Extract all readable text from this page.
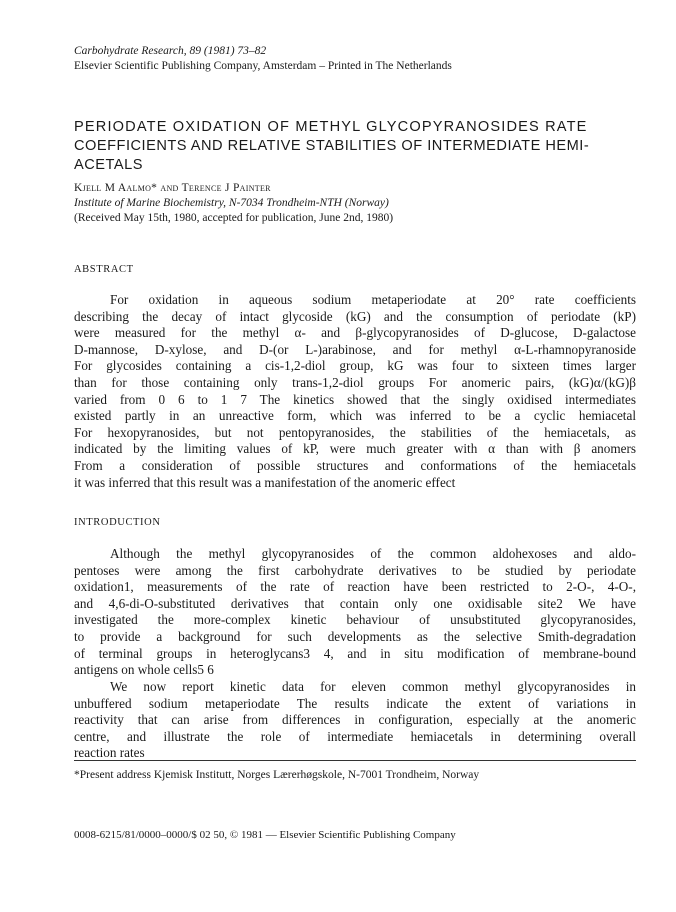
Carbohydrate Research, 89 (1981) 73–82
Elsevier Scientific Publishing Company, Amsterdam – Printed in The Netherlands
PERIODATE OXIDATION OF METHYL GLYCOPYRANOSIDES RATE
COEFFICIENTS AND RELATIVE STABILITIES OF INTERMEDIATE HEMI-
ACETALS
Kjell M Aalmo* and Terence J Painter
Institute of Marine Biochemistry, N-7034 Trondheim-NTH (Norway)
(Received May 15th, 1980, accepted for publication, June 2nd, 1980)
ABSTRACT
For oxidation in aqueous sodium metaperiodate at 20° rate coefficients
describing the decay of intact glycoside (kG) and the consumption of periodate (kP)
were measured for the methyl α- and β-glycopyranosides of D-glucose, D-galactose
D-mannose, D-xylose, and D-(or L-)arabinose, and for methyl α-L-rhamnopyranoside
For glycosides containing a cis-1,2-diol group, kG was four to sixteen times larger
than for those containing only trans-1,2-diol groups For anomeric pairs, (kG)α/(kG)β
varied from 0 6 to 1 7 The kinetics showed that the singly oxidised intermediates
existed partly in an unreactive form, which was inferred to be a cyclic hemiacetal
For hexopyranosides, but not pentopyranosides, the stabilities of the hemiacetals, as
indicated by the limiting values of kP, were much greater with α than with β anomers
From a consideration of possible structures and conformations of the hemiacetals
it was inferred that this result was a manifestation of the anomeric effect
INTRODUCTION
Although the methyl glycopyranosides of the common aldohexoses and aldo-
pentoses were among the first carbohydrate derivatives to be studied by periodate
oxidation1, measurements of the rate of reaction have been restricted to 2-O-, 4-O-,
and 4,6-di-O-substituted derivatives that contain only one oxidisable site2 We have
investigated the more-complex kinetic behaviour of unsubstituted glycopyranosides,
to provide a background for such developments as the selective Smith-degradation
of terminal groups in heteroglycans3 4, and in situ modification of membrane-bound
antigens on whole cells5 6
We now report kinetic data for eleven common methyl glycopyranosides in
unbuffered sodium metaperiodate The results indicate the extent of variations in
reactivity that can arise from differences in configuration, especially at the anomeric
centre, and illustrate the role of intermediate hemiacetals in determining overall
reaction rates
*Present address Kjemisk Institutt, Norges Lærerhøgskole, N-7001 Trondheim, Norway
0008-6215/81/0000–0000/$ 02 50, © 1981 — Elsevier Scientific Publishing Company
